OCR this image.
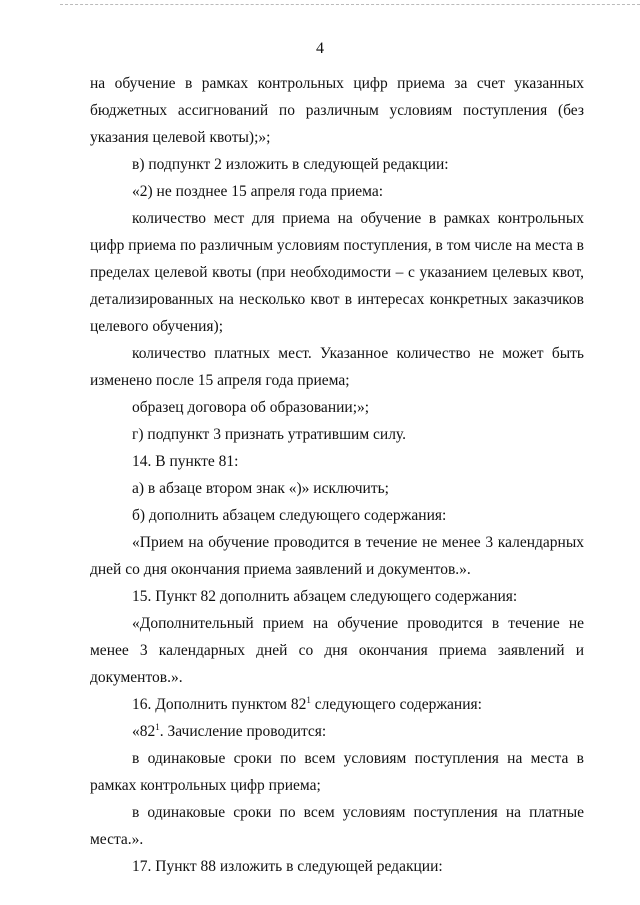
4

на обучение в рамках контрольных цифр приема за счет указанных бюджетных ассигнований по различным условиям поступления (без указания целевой квоты);»;

в) подпункт 2 изложить в следующей редакции:

«2) не позднее 15 апреля года приема:

количество мест для приема на обучение в рамках контрольных цифр приема по различным условиям поступления, в том числе на места в пределах целевой квоты (при необходимости – с указанием целевых квот, детализированных на несколько квот в интересах конкретных заказчиков целевого обучения);

количество платных мест. Указанное количество не может быть изменено после 15 апреля года приема;

образец договора об образовании;»;

г) подпункт 3 признать утратившим силу.

14. В пункте 81:

а) в абзаце втором знак «)» исключить;

б) дополнить абзацем следующего содержания:

«Прием на обучение проводится в течение не менее 3 календарных дней со дня окончания приема заявлений и документов.».

15. Пункт 82 дополнить абзацем следующего содержания:

«Дополнительный прием на обучение проводится в течение не менее 3 календарных дней со дня окончания приема заявлений и документов.».

16. Дополнить пунктом $82^1$ следующего содержания:

«$82^1$. Зачисление проводится:

в одинаковые сроки по всем условиям поступления на места в рамках контрольных цифр приема;

в одинаковые сроки по всем условиям поступления на платные места.».

17. Пункт 88 изложить в следующей редакции:
